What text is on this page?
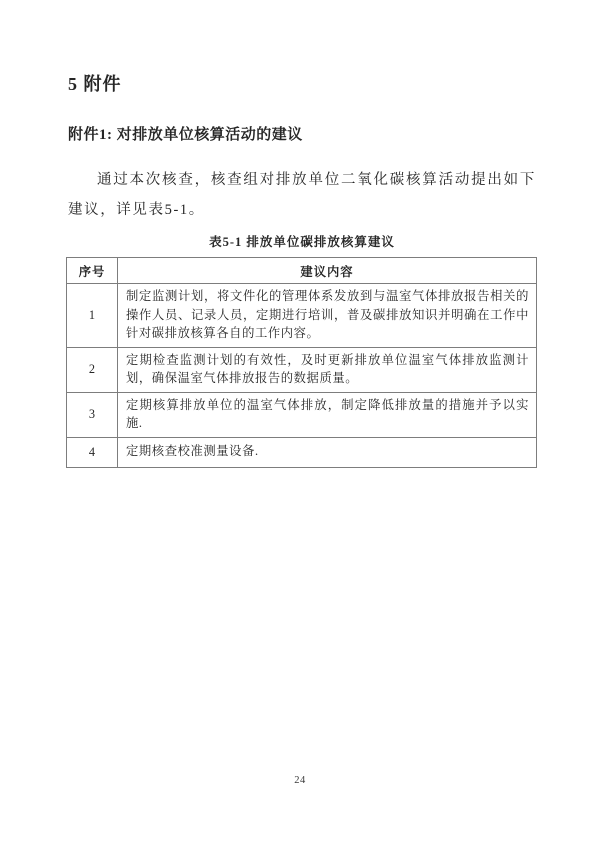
5 附件
附件1: 对排放单位核算活动的建议

通过本次核查，核查组对排放单位二氧化碳核算活动提出如下建议，详见表5-1。

表5-1 排放单位碳排放核算建议
序号	建议内容
1	制定监测计划，将文件化的管理体系发放到与温室气体排放报告相关的操作人员、记录人员，定期进行培训，普及碳排放知识并明确在工作中针对碳排放核算各自的工作内容。
2	定期检查监测计划的有效性，及时更新排放单位温室气体排放监测计划，确保温室气体排放报告的数据质量。
3	定期核算排放单位的温室气体排放，制定降低排放量的措施并予以实施.
4	定期核查校准测量设备.
24
